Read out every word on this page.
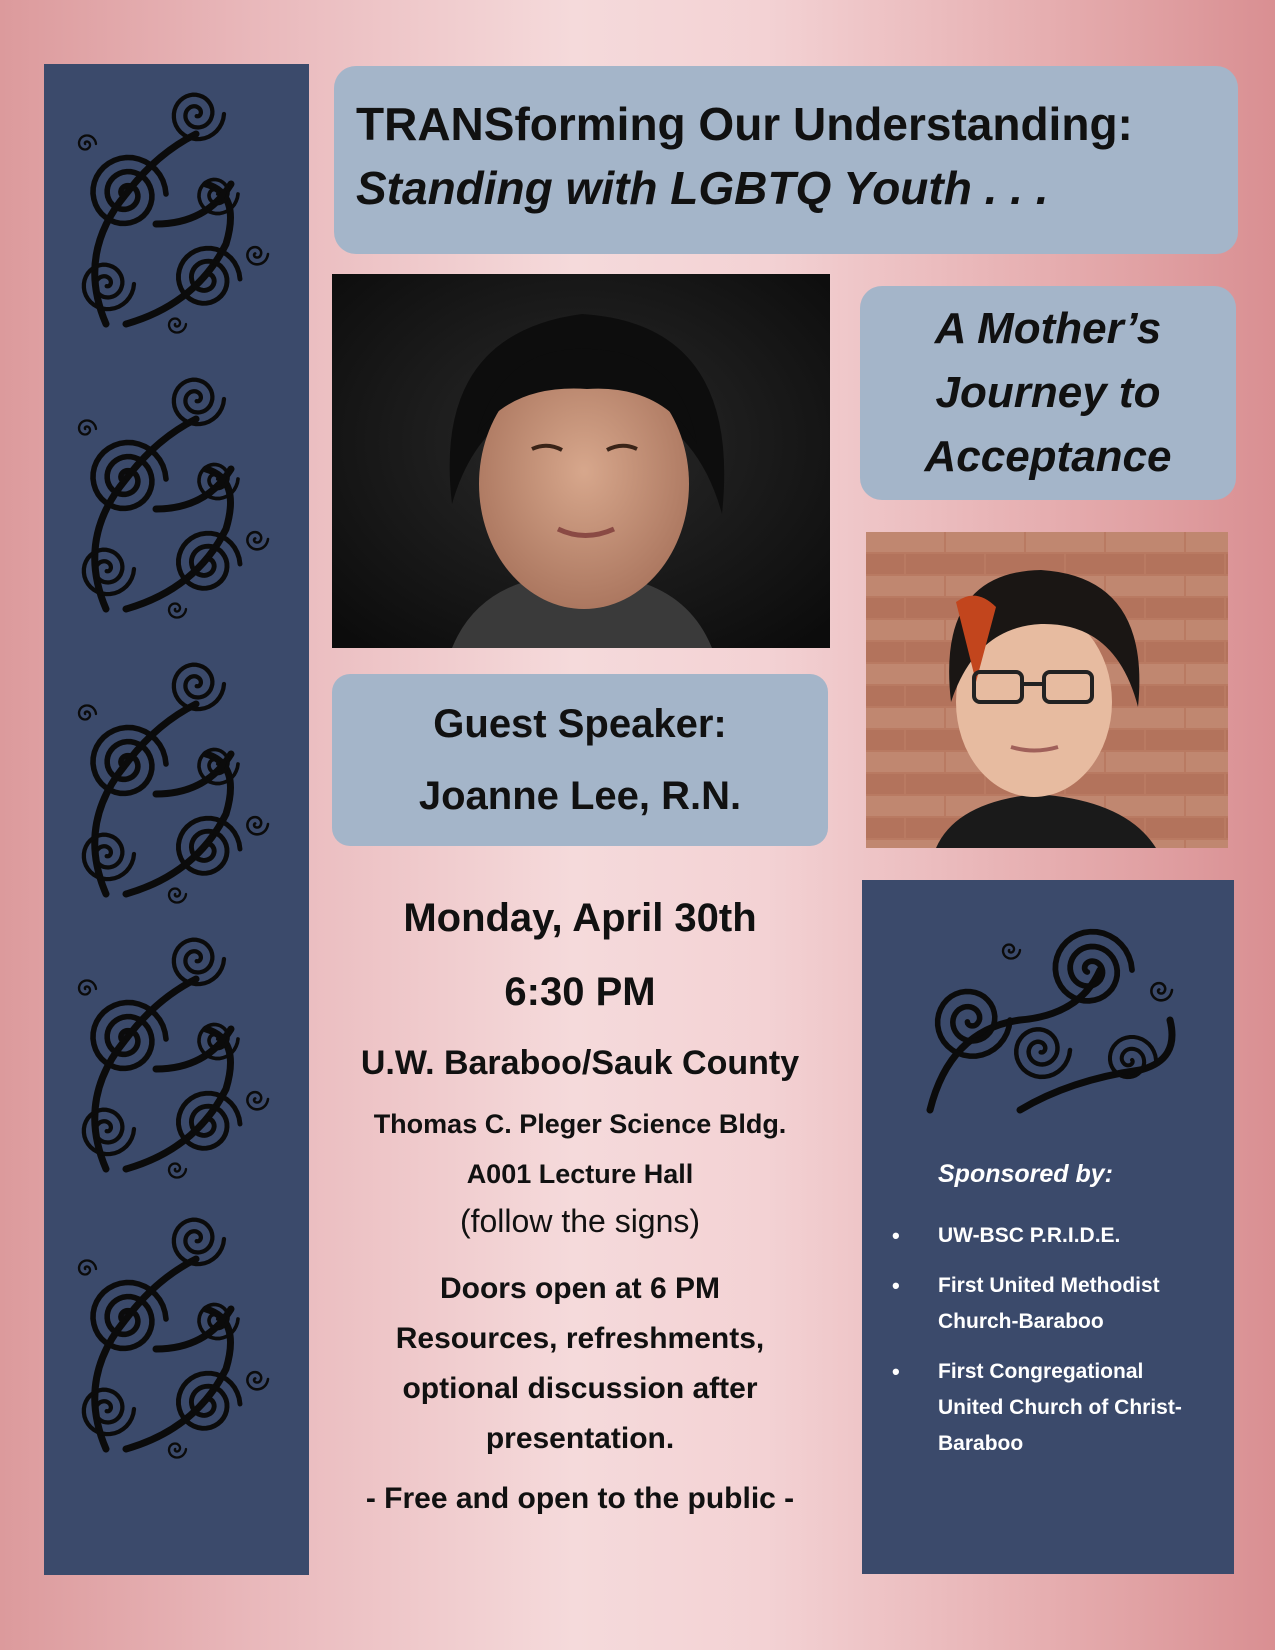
TRANSforming Our Understanding:
Standing with LGBTQ Youth . . .
A Mother’s
Journey to
Acceptance
Guest Speaker:
Joanne Lee, R.N.
Monday, April 30th
6:30 PM
U.W. Baraboo/Sauk County
Thomas C. Pleger Science Bldg.
A001 Lecture Hall
(follow the signs)
Doors open at 6 PM
Resources, refreshments,
optional discussion after
presentation.
- Free and open to the public -
Sponsored by:
• UW-BSC P.R.I.D.E.
• First United Methodist
Church-Baraboo
• First Congregational
United Church of Christ-
Baraboo
